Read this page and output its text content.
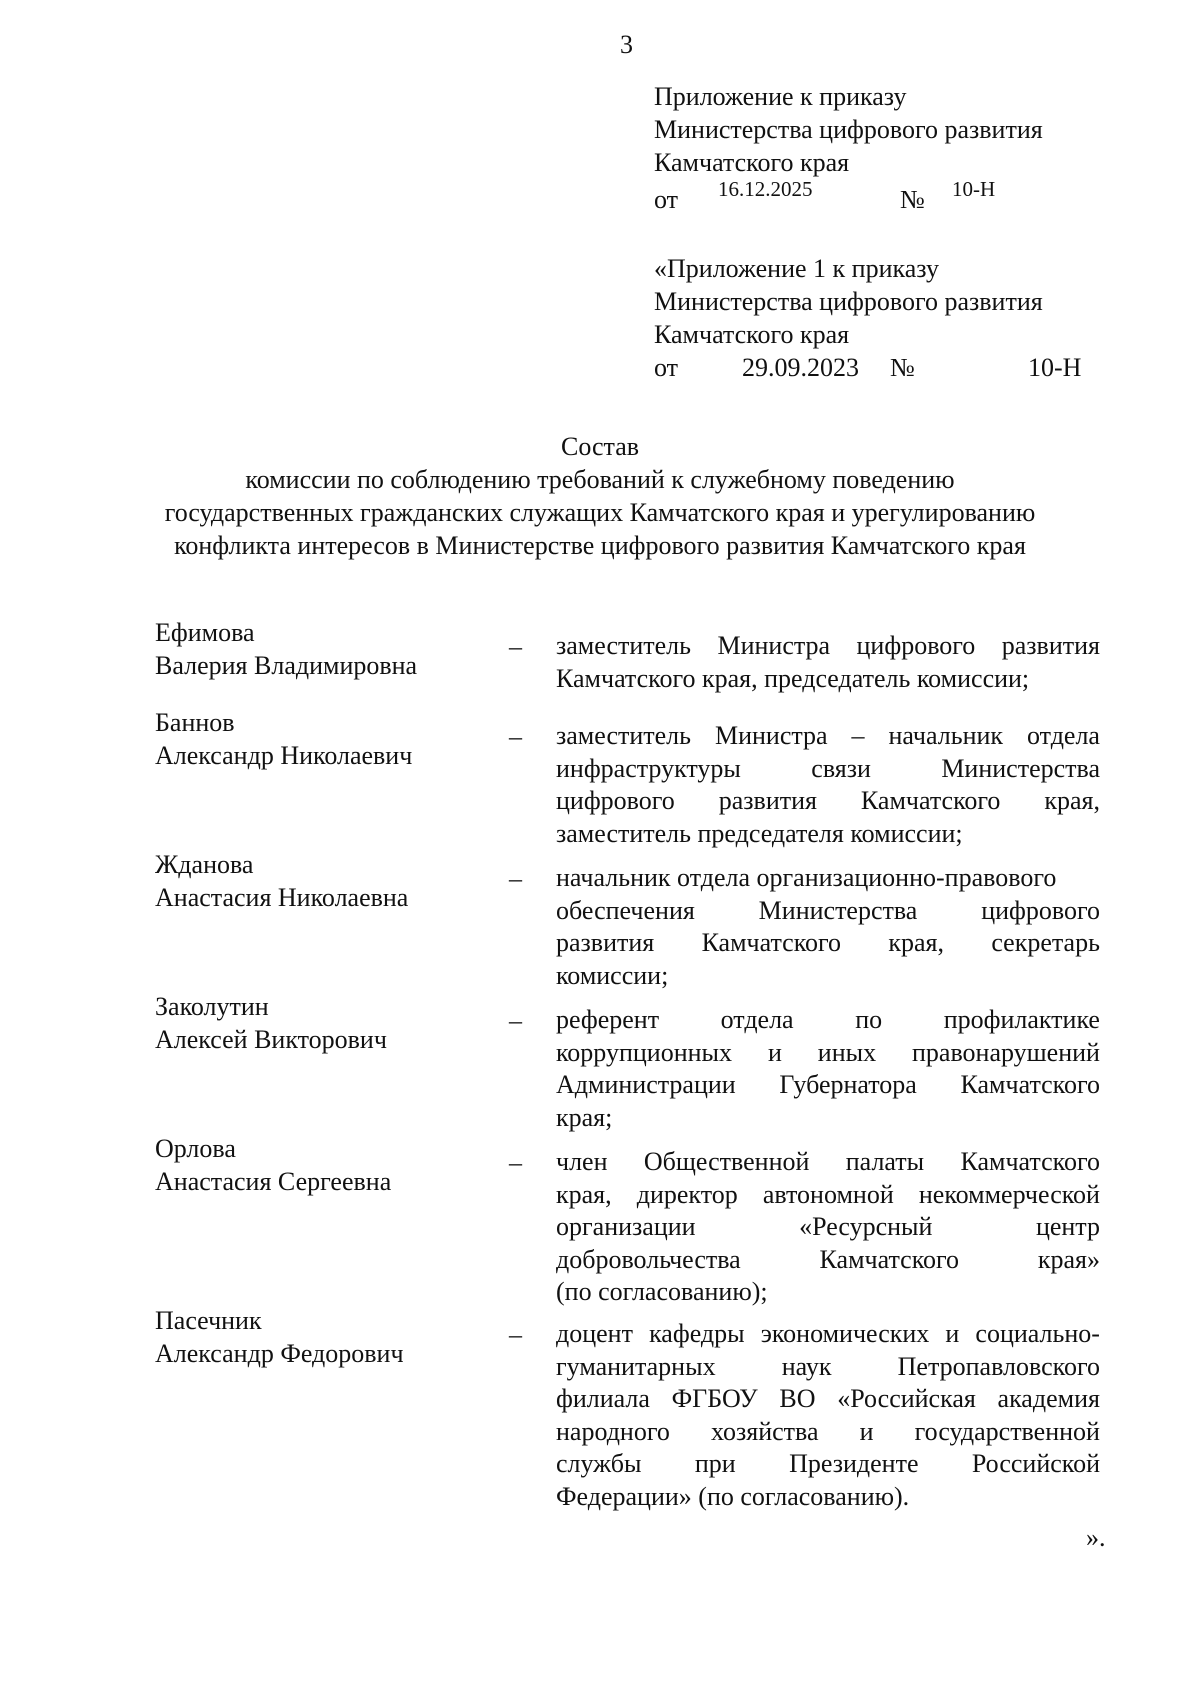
3
Приложение к приказу
Министерства цифрового развития
Камчатского края
от 16.12.2025	№ 10-Н
«Приложение 1 к приказу
Министерства цифрового развития
Камчатского края
от 29.09.2023 №	10-Н
Состав
комиссии по соблюдению требований к служебному поведению
государственных гражданских служащих Камчатского края и урегулированию
конфликта интересов в Министерстве цифрового развития Камчатского края
Ефимова
Валерия Владимировна
– заместитель Министра цифрового развития
Камчатского края, председатель комиссии;
Баннов
Александр Николаевич
– заместитель Министра – начальник отдела
инфраструктуры	связи	Министерства
цифрового развития Камчатского края,
заместитель председателя комиссии;
Жданова
Анастасия Николаевна
– начальник отдела организационно-правового
обеспечения Министерства цифрового
развития Камчатского края, секретарь
комиссии;
Заколутин
Алексей Викторович
– референт отдела по профилактике
коррупционных и иных правонарушений
Администрации Губернатора Камчатского
края;
Орлова
Анастасия Сергеевна
– член Общественной палаты Камчатского
края, директор автономной некоммерческой
организации	«Ресурсный	центр
добровольчества	Камчатского	края»
(по согласованию);
Пасечник
Александр Федорович
– доцент кафедры экономических и социально-
гуманитарных	наук	Петропавловского
филиала ФГБОУ ВО «Российская академия
народного хозяйства и государственной
службы при Президенте Российской
Федерации» (по согласованию).
».
